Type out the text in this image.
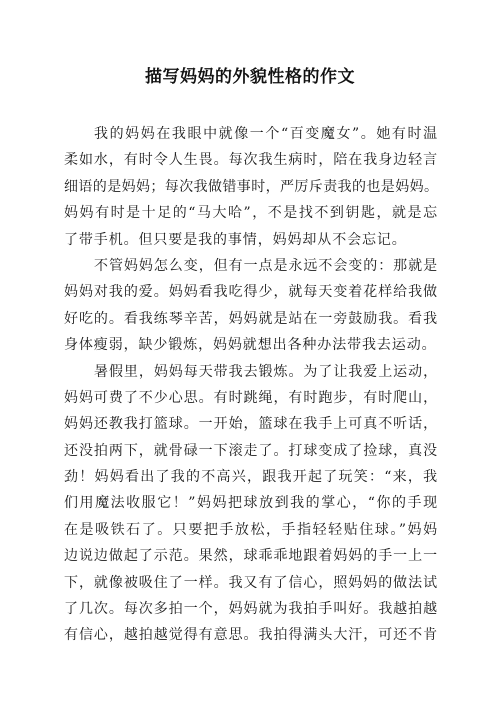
描写妈妈的外貌性格的作文
我的妈妈在我眼中就像一个“百变魔女”。她有时温
柔如水，有时令人生畏。每次我生病时，陪在我身边轻言
细语的是妈妈；每次我做错事时，严厉斥责我的也是妈妈。
妈妈有时是十足的“马大哈”，不是找不到钥匙，就是忘
了带手机。但只要是我的事情，妈妈却从不会忘记。
不管妈妈怎么变，但有一点是永远不会变的：那就是
妈妈对我的爱。妈妈看我吃得少，就每天变着花样给我做
好吃的。看我练琴辛苦，妈妈就是站在一旁鼓励我。看我
身体瘦弱，缺少锻炼，妈妈就想出各种办法带我去运动。
暑假里，妈妈每天带我去锻炼。为了让我爱上运动，
妈妈可费了不少心思。有时跳绳，有时跑步，有时爬山，
妈妈还教我打篮球。一开始，篮球在我手上可真不听话，
还没拍两下，就骨碌一下滚走了。打球变成了捡球，真没
劲！妈妈看出了我的不高兴，跟我开起了玩笑：“来，我
们用魔法收服它！”妈妈把球放到我的掌心，“你的手现
在是吸铁石了。只要把手放松，手指轻轻贴住球。”妈妈
边说边做起了示范。果然，球乖乖地跟着妈妈的手一上一
下，就像被吸住了一样。我又有了信心，照妈妈的做法试
了几次。每次多拍一个，妈妈就为我拍手叫好。我越拍越
有信心，越拍越觉得有意思。我拍得满头大汗，可还不肯
